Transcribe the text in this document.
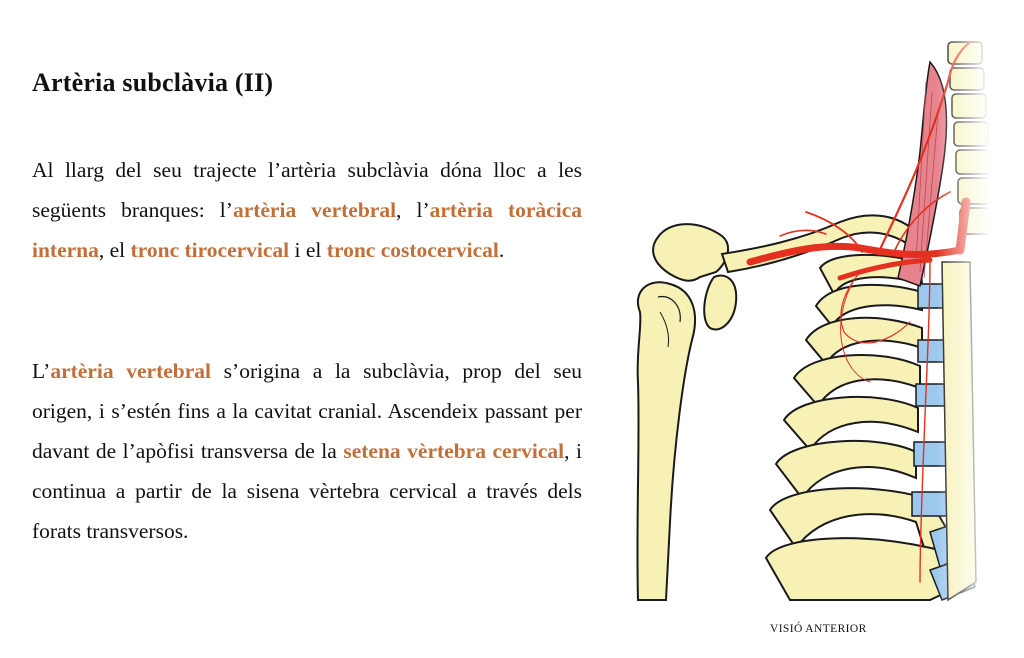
Artèria subclàvia (II)

Al llarg del seu trajecte l’artèria subclàvia dóna lloc a les següents branques: l’artèria vertebral, l’artèria toràcica interna, el tronc tirocervical i el tronc costocervical.

L’artèria vertebral s’origina a la subclàvia, prop del seu origen, i s’estén fins a la cavitat cranial. Ascendeix passant per davant de l’apòfisi transversa de la setena vèrtebra cervical, i continua a partir de la sisena vèrtebra cervical a través dels forats transversos.

VISIÓ ANTERIOR
